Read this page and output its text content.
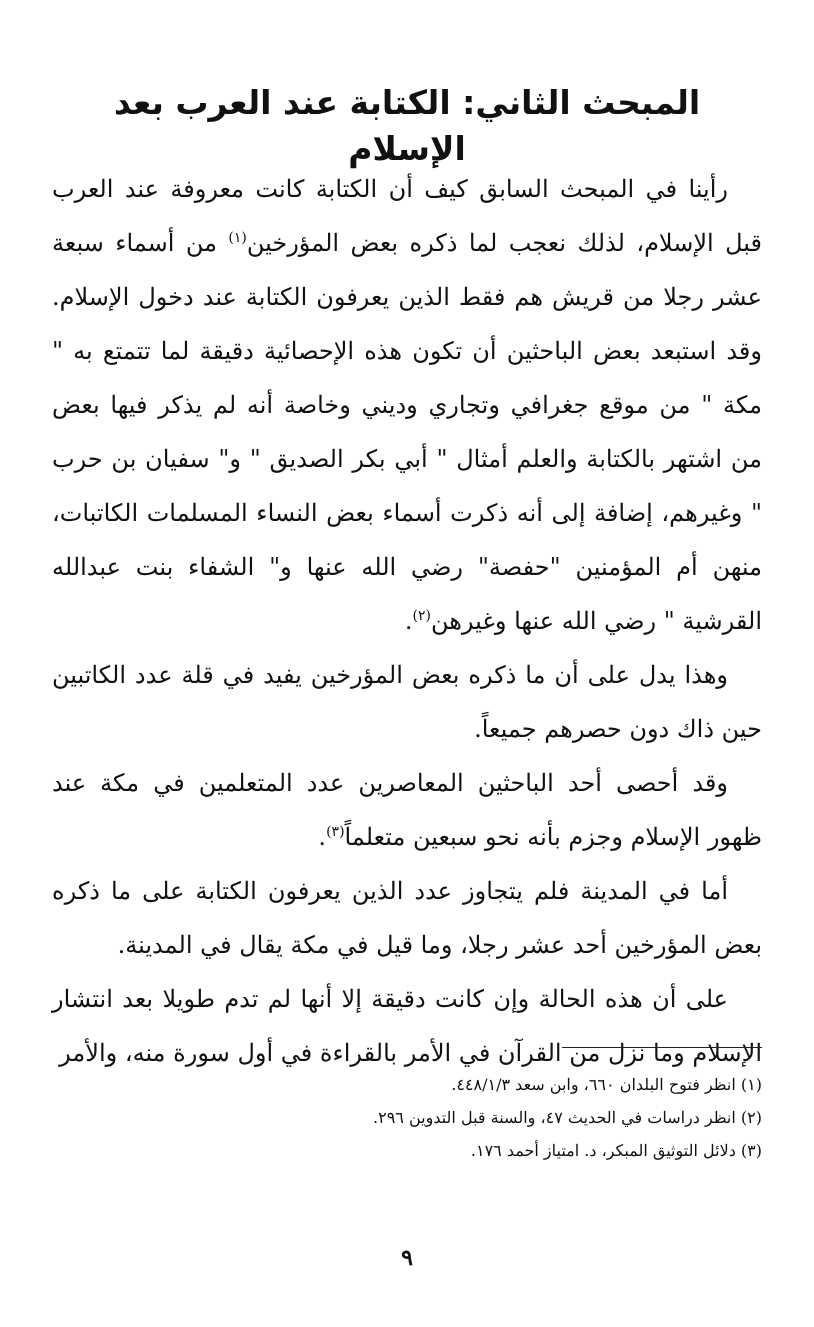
المبحث الثاني: الكتابة عند العرب بعد الإسلام

رأينا في المبحث السابق كيف أن الكتابة كانت معروفة عند العرب قبل الإسلام، لذلك نعجب لما ذكره بعض المؤرخين$^{(١)}$ من أسماء سبعة عشر رجلا من قريش هم فقط الذين يعرفون الكتابة عند دخول الإسلام. وقد استبعد بعض الباحثين أن تكون هذه الإحصائية دقيقة لما تتمتع به " مكة " من موقع جغرافي وتجاري وديني وخاصة أنه لم يذكر فيها بعض من اشتهر بالكتابة والعلم أمثال " أبي بكر الصديق " و" سفيان بن حرب " وغيرهم، إضافة إلى أنه ذكرت أسماء بعض النساء المسلمات الكاتبات، منهن أم المؤمنين "حفصة" رضي الله عنها و" الشفاء بنت عبدالله القرشية " رضي الله عنها وغيرهن$^{(٢)}$.

وهذا يدل على أن ما ذكره بعض المؤرخين يفيد في قلة عدد الكاتبين حين ذاك دون حصرهم جميعاً.

وقد أحصى أحد الباحثين المعاصرين عدد المتعلمين في مكة عند ظهور الإسلام وجزم بأنه نحو سبعين متعلماً$^{(٣)}$.

أما في المدينة فلم يتجاوز عدد الذين يعرفون الكتابة على ما ذكره بعض المؤرخين أحد عشر رجلا، وما قيل في مكة يقال في المدينة.

على أن هذه الحالة وإن كانت دقيقة إلا أنها لم تدم طويلا بعد انتشار الإسلام وما نزل من القرآن في الأمر بالقراءة في أول سورة منه، والأمر

(١) انظر فتوح البلدان ٦٦٠، وابن سعد ٤٤٨/١/٣.
(٢) انظر دراسات في الحديث ٤٧، والسنة قبل التدوين ٢٩٦.
(٣) دلائل التوثيق المبكر، د. امتياز أحمد ١٧٦.
٩
